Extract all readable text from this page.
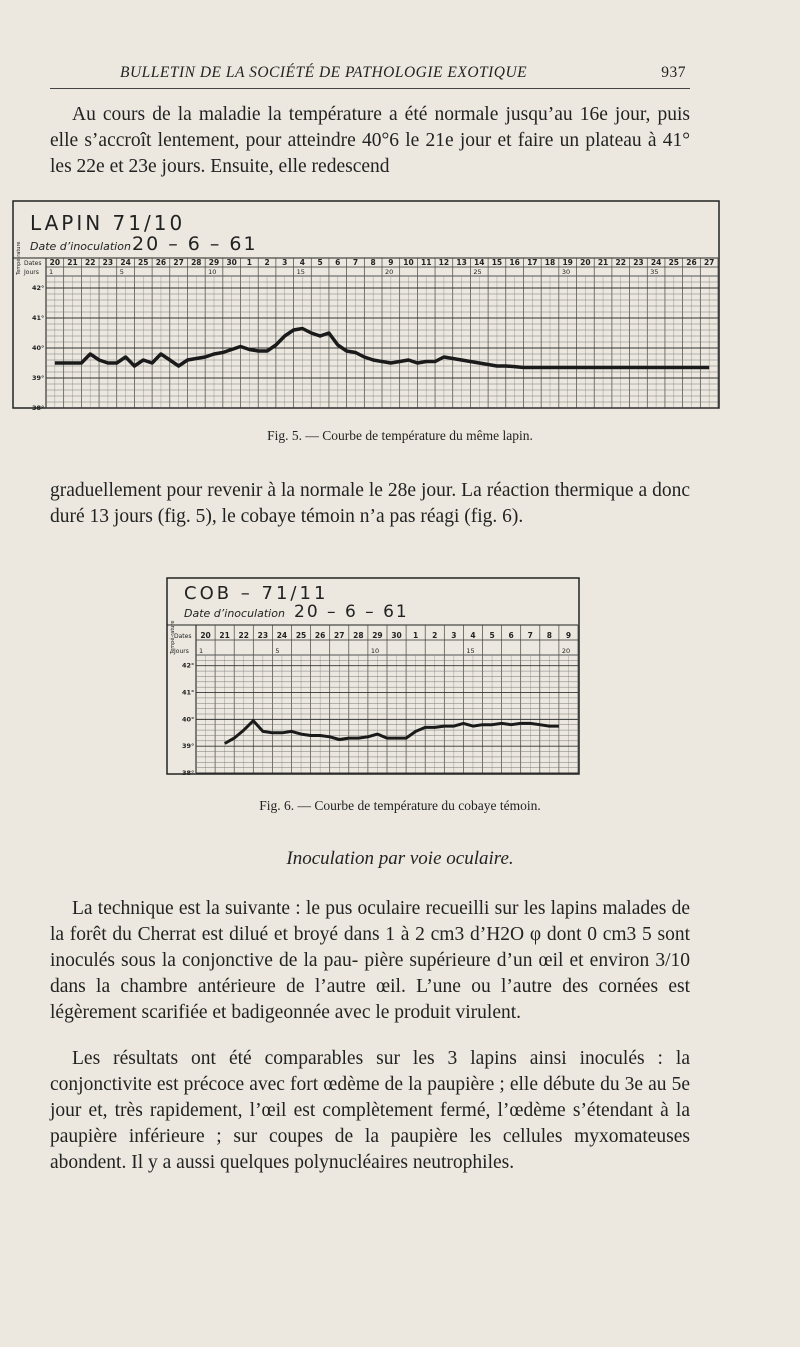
BULLETIN DE LA SOCIÉTÉ DE PATHOLOGIE EXOTIQUE	937

Au cours de la maladie la température a été normale jusqu’au 16e jour, puis elle s’accroît lentement, pour atteindre 40°6 le 21e jour et faire un plateau à 41° les 22e et 23e jours. Ensuite, elle redescend

LAPIN 71/10
Date d’inoculation 20 – 6 – 61
Dates
Jours
Tempé-rature	20 21 22 23 24 25 26 27 28 29 30 1 2 3 4 5 6 7 8 9 10 11 12 13 14 15 16 17 18 19 20 21 22 23 24 25 26 27
1	5	10	15	20	25	30	35
38°
39°
40°
41°
42°
Fig. 5. — Courbe de température du même lapin.

graduellement pour revenir à la normale le 28e jour. La réaction thermique a donc duré 13 jours (fig. 5), le cobaye témoin n’a pas réagi (fig. 6).

COB – 71/11
Date d’inoculation 20 – 6 – 61
Dates
Jours
Tempé-rature	20 21 22 23 24 25 26 27 28 29 30 1 2 3 4 5 6 7 8 9
1	5	10	15	20
38°
39°
40°
41°
42°
Fig. 6. — Courbe de température du cobaye témoin.
Inoculation par voie oculaire.

La technique est la suivante : le pus oculaire recueilli sur les lapins malades de la forêt du Cherrat est dilué et broyé dans 1 à 2 cm3 d’H2O φ dont 0 cm3 5 sont inoculés sous la conjonctive de la pau- pière supérieure d’un œil et environ 3/10 dans la chambre antérieure de l’autre œil. L’une ou l’autre des cornées est légèrement scarifiée et badigeonnée avec le produit virulent.

Les résultats ont été comparables sur les 3 lapins ainsi inoculés : la conjonctivite est précoce avec fort œdème de la paupière ; elle débute du 3e au 5e jour et, très rapidement, l’œil est complètement fermé, l’œdème s’étendant à la paupière inférieure ; sur coupes de la paupière les cellules myxomateuses abondent. Il y a aussi quelques polynucléaires neutrophiles.
